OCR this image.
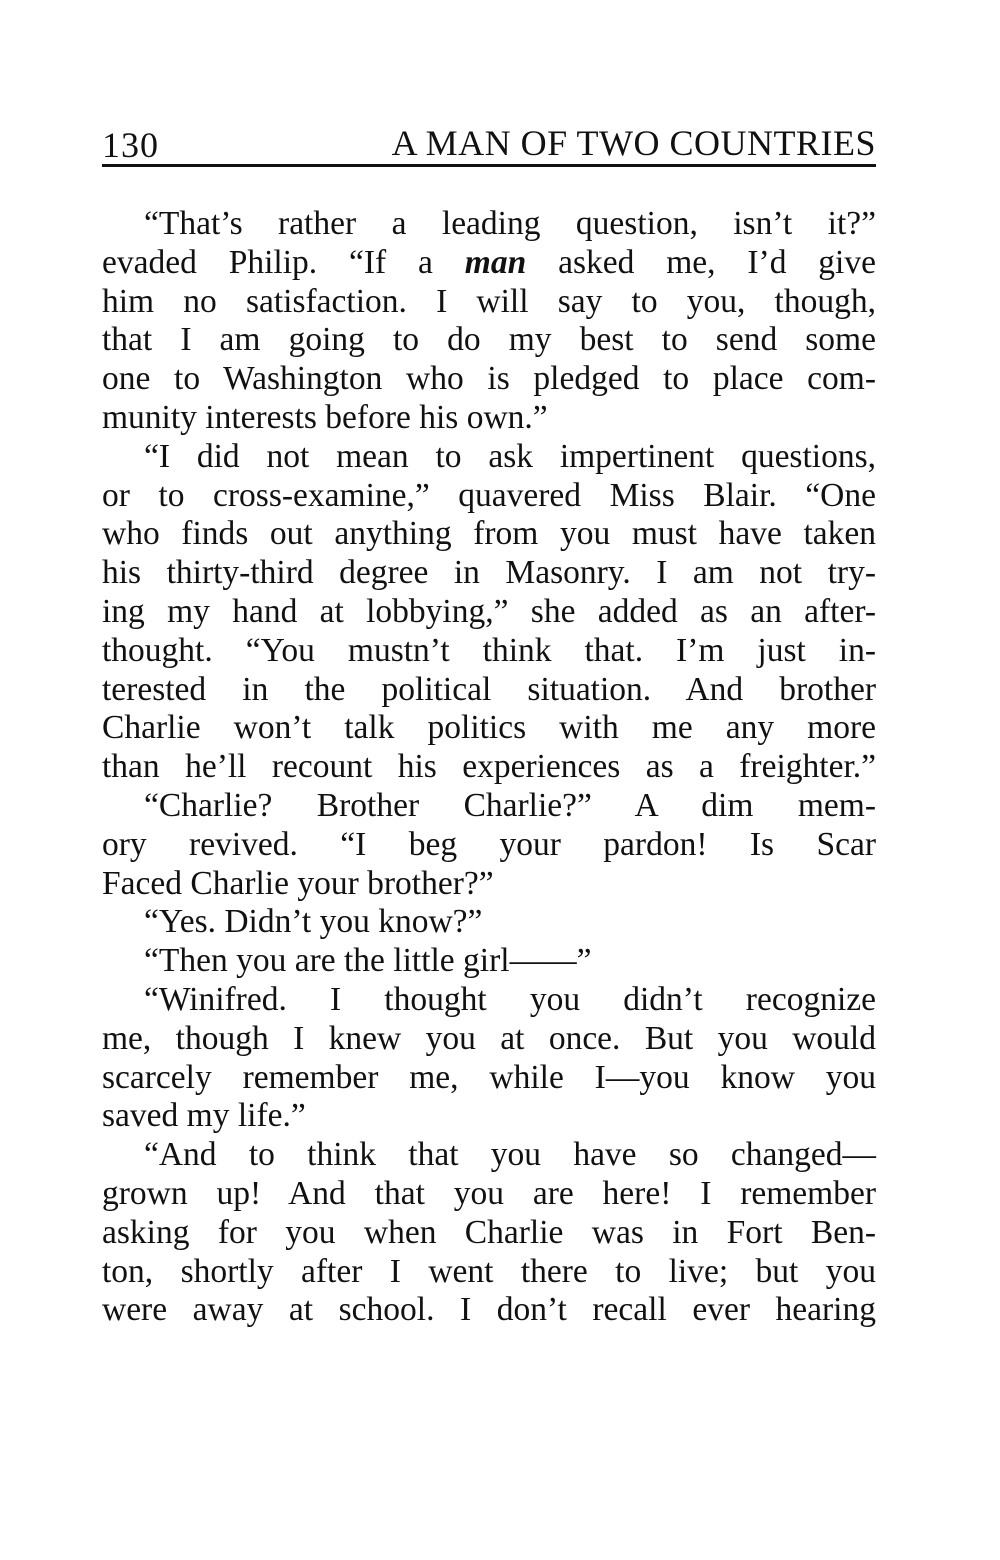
130	A MAN OF TWO COUNTRIES
“That’s rather a leading question, isn’t it?”
evaded Philip. “If a man asked me, I’d give
him no satisfaction. I will say to you, though,
that I am going to do my best to send some
one to Washington who is pledged to place com-
munity interests before his own.”
“I did not mean to ask impertinent questions,
or to cross-examine,” quavered Miss Blair. “One
who finds out anything from you must have taken
his thirty-third degree in Masonry. I am not try-
ing my hand at lobbying,” she added as an after-
thought. “You mustn’t think that. I’m just in-
terested in the political situation. And brother
Charlie won’t talk politics with me any more
than he’ll recount his experiences as a freighter.”
“Charlie? Brother Charlie?” A dim mem-
ory revived. “I beg your pardon! Is Scar
Faced Charlie your brother?”
“Yes. Didn’t you know?”
“Then you are the little girl——”
“Winifred. I thought you didn’t recognize
me, though I knew you at once. But you would
scarcely remember me, while I—you know you
saved my life.”
“And to think that you have so changed—
grown up! And that you are here! I remember
asking for you when Charlie was in Fort Ben-
ton, shortly after I went there to live; but you
were away at school. I don’t recall ever hearing
